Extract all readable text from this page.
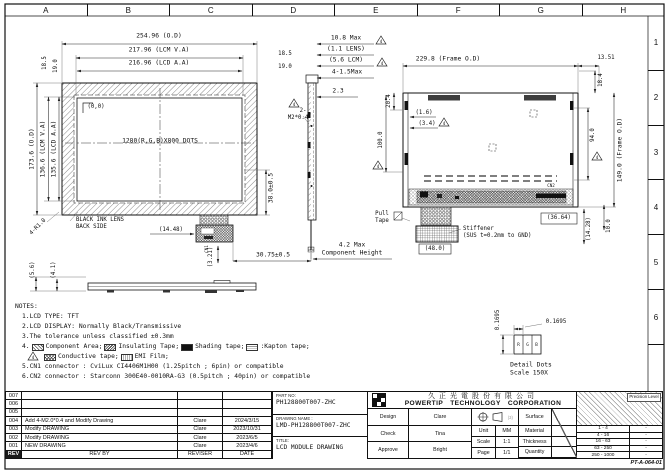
A	B	C	D	E	F	G	H
1
2
3
4
5
6
254.96 (O.D)
217.96 (LCM V.A)
216.96 (LCD A.A)
18.5
19.0
18.5 19.0
173.6 (O.D) 136.6 (LCM V.A) 135.6 (LCD A.A)
4-R1.0
(0,0)
1280(R,G,B)X800 DOTS
BLACK INK LENS
BACK SIDE
(14.48)
(3.21)	30.75±0.5
38.0±0.5
CN1
(5.6)	(4.1)
10.8 Max
(1.1 LENS)
(5.6 LCM)
4-1.5Max
2.3
2-
M2*0.4
4.2 Max
Component Height
229.8 (Frame O.D)	13.51
18.4
20.4
100.0
(1.6)
(3.4)
94.0	149.0 (Frame O.D)
(36.64)	(14.28) 10.0
(48.0)
Pull
Tape
Stiffener
(SUS t=0.2mm to GND)
CN2
0.1695	0.1695
R G B
Detail Dots
Scale 150X
4
4
4
4
4
4
4
NOTES:
1.LCD TYPE: TFT
2.LCD DISPLAY: Normally Black/Transmissive
3.The tolerance unless classified ±0.3mm
4.	Component Area;	Insulating Tape;	Shading tape;	:Kapton tape;
Conductive tape;	EMI Film;
5.CN1 connector : CviLux CI4406M1H00 (1.25pitch ; 6pin) or compatible
6.CN2 connector : Starconn 300E40-0010RA-G3 (0.5pitch ; 40pin) or compatible
007
006
005
004	Add 4-M2.0*0.4 and Modify Drawing	Clare	2024/3/15
003	Modify DRAWING	Clare	2023/10/31
002	Modify DRAWING	Clare	2023/6/5
001	NEW DRAWING	Clare	2023/4/6
REV	REV BY	REVISER	DATE
PART NO:
PH128800T007-ZHC
DRAWING NAME :
LMD-PH128800T007-ZHC
TITLE:
LCD MODULE DRAWING
久正光電股份有限公司
POWERTIP TECHNOLOGY CORPORATION
Design	Clare
Check	Tina
Approve	Bright
(3)
Unit	MM
Scale	1:1
Page	1/1
Surface
Material
Thickness
Quantity
Precision Level
1 - 4	-
4 - 16	-
16 - 63	-
63 - 250	-
250 - 1000	-
PT-A-064-01
